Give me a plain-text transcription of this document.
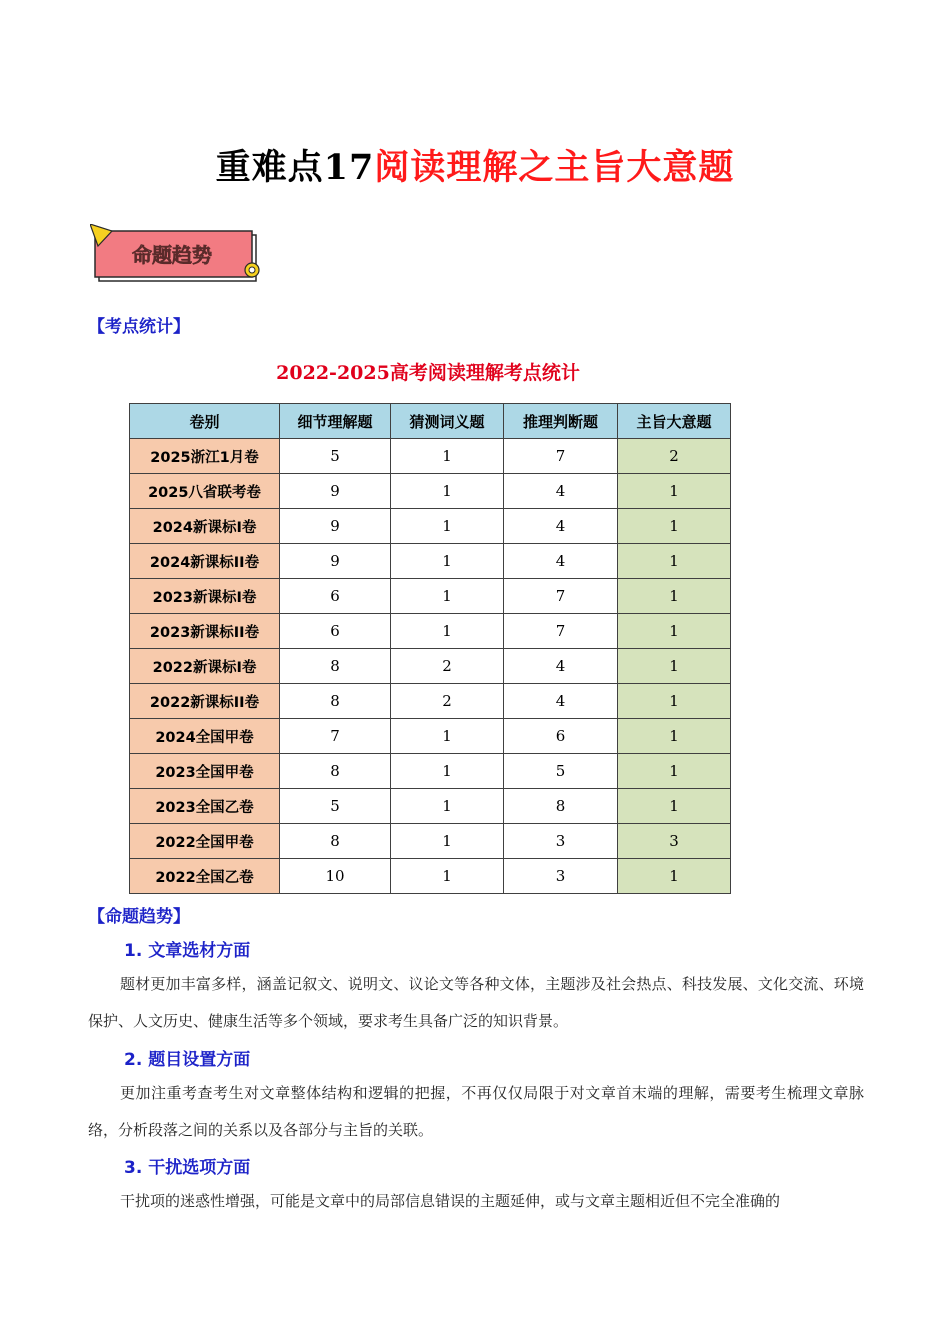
重难点17阅读理解之主旨大意题
命题趋势
【考点统计】
2022-2025高考阅读理解考点统计
卷别	细节理解题	猜测词义题	推理判断题	主旨大意题
2025浙江1月卷	5	1	7	2
2025八省联考卷	9	1	4	1
2024新课标I卷	9	1	4	1
2024新课标II卷	9	1	4	1
2023新课标I卷	6	1	7	1
2023新课标II卷	6	1	7	1
2022新课标I卷	8	2	4	1
2022新课标II卷	8	2	4	1
2024全国甲卷	7	1	6	1
2023全国甲卷	8	1	5	1
2023全国乙卷	5	1	8	1
2022全国甲卷	8	1	3	3
2022全国乙卷	10	1	3	1
【命题趋势】
1. 文章选材方面
题材更加丰富多样，涵盖记叙文、说明文、议论文等各种文体，主题涉及社会热点、科技发展、文化交流、环境保护、人文历史、健康生活等多个领域，要求考生具备广泛的知识背景。
2. 题目设置方面
更加注重考查考生对文章整体结构和逻辑的把握，不再仅仅局限于对文章首末端的理解，需要考生梳理文章脉络，分析段落之间的关系以及各部分与主旨的关联。
3. 干扰选项方面
干扰项的迷惑性增强，可能是文章中的局部信息错误的主题延伸，或与文章主题相近但不完全准确的
